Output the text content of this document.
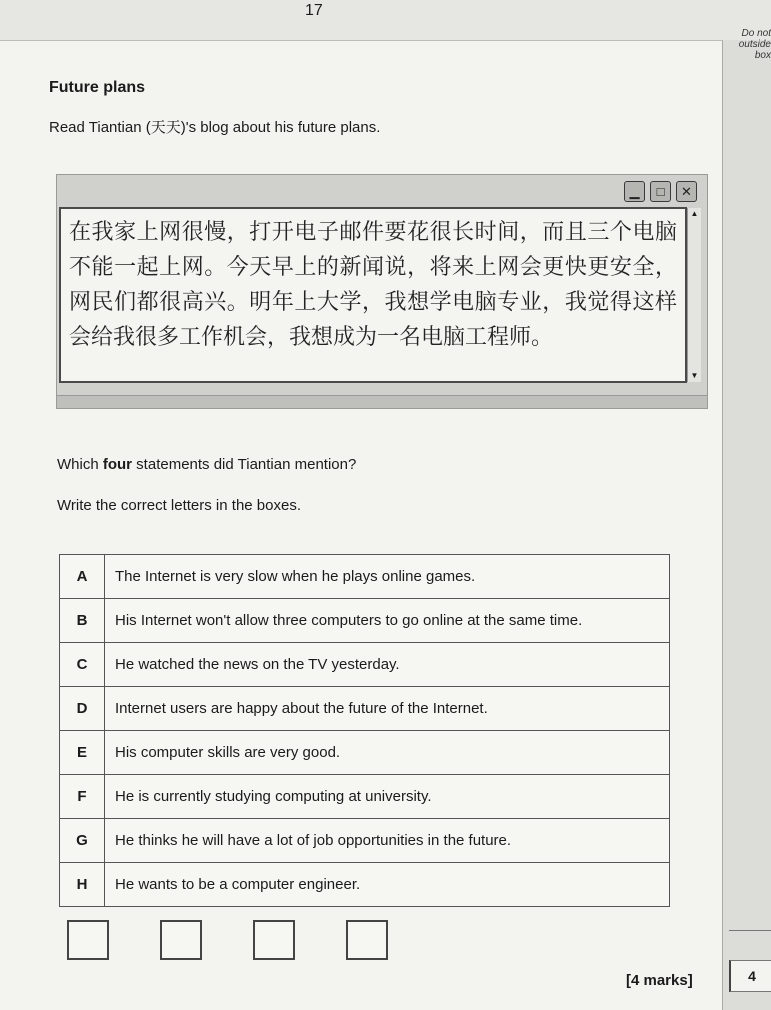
17
Do not
outside
box
Future plans
Read Tiantian (天天)'s blog about his future plans.
▁	□	✕
在我家上网很慢，打开电子邮件要花很长时间，而且三个电脑不能一起上网。今天早上的新闻说，将来上网会更快更安全，网民们都很高兴。明年上大学，我想学电脑专业，我觉得这样会给我很多工作机会，我想成为一名电脑工程师。
▲
▼
Which four statements did Tiantian mention?
Write the correct letters in the boxes.
A	The Internet is very slow when he plays online games.
B	His Internet won't allow three computers to go online at the same time.
C	He watched the news on the TV yesterday.
D	Internet users are happy about the future of the Internet.
E	His computer skills are very good.
F	He is currently studying computing at university.
G	He thinks he will have a lot of job opportunities in the future.
H	He wants to be a computer engineer.
[4 marks]	4
